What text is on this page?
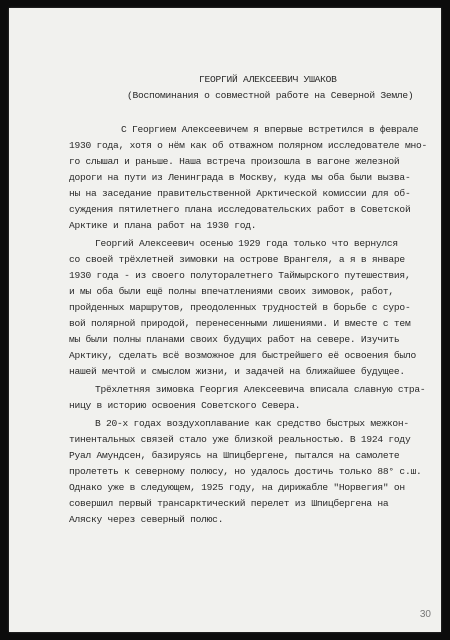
ГЕОРГИЙ АЛЕКСЕЕВИЧ УШАКОВ
(Воспоминания о совместной работе на Северной Земле)
С Георгием Алексеевичем я впервые встретился в феврале
1930 года, хотя о нём как об отважном полярном исследователе мно-
го слышал и раньше. Наша встреча произошла в вагоне железной
дороги на пути из Ленинграда в Москву, куда мы оба были вызва-
ны на заседание правительственной Арктической комиссии для об-
суждения пятилетнего плана исследовательских работ в Советской
Арктике и плана работ на 1930 год.
Георгий Алексеевич осенью 1929 года только что вернулся
со своей трёхлетней зимовки на острове Врангеля, а я в январе
1930 года - из своего полуторалетнего Таймырского путешествия,
и мы оба были ещё полны впечатлениями своих зимовок, работ,
пройденных маршрутов, преодоленных трудностей в борьбе с суро-
вой полярной природой, перенесенными лишениями. И вместе с тем
мы были полны планами своих будущих работ на севере. Изучить
Арктику, сделать всё возможное для быстрейшего её освоения было
нашей мечтой и смыслом жизни, и задачей на ближайшее будущее.
Трёхлетняя зимовка Георгия Алексеевича вписала славную стра-
ницу в историю освоения Советского Севера.
В 20-х годах воздухоплавание как средство быстрых межкон-
тинентальных связей стало уже близкой реальностью. В 1924 году
Руал Амундсен, базируясь на Шпицбергене, пытался на самолете
пролететь к северному полюсу, но удалось достичь только 88° с.ш.
Однако уже в следующем, 1925 году, на дирижабле "Норвегия" он
совершил первый трансарктический перелет из Шпицбергена на
Аляску через северный полюс.
30
